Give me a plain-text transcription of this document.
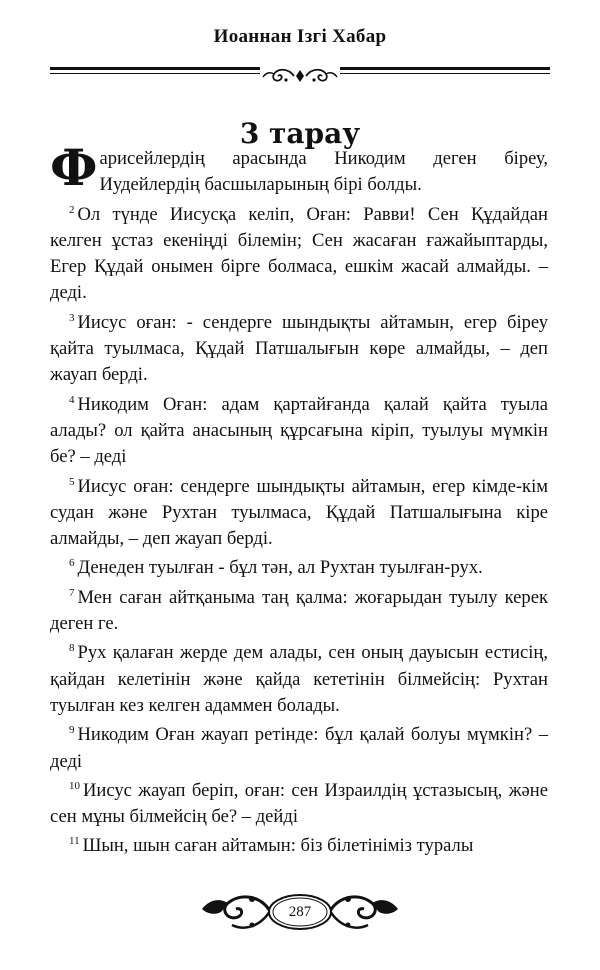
Иоаннан Ізгі Хабар
3 тарау

Фарисейлердің арасында Никодим деген біреу, Иудейлердің басшыларының бірі болды.

$^2$ Ол түнде Иисусқа келіп, Оған: Равви! Сен Құдайдан келген ұстаз екеніңді білемін; Сен жасаған ғажайыптарды, Егер Құдай онымен бірге болмаса, ешкім жасай алмайды. – деді.

$^3$ Иисус оған: - сендерге шындықты айтамын, егер біреу қайта туылмаса, Құдай Патшалығын көре алмайды, – деп жауап берді.

$^4$ Никодим Оған: адам қартайғанда қалай қайта туыла алады? ол қайта анасының құрсағына кіріп, туылуы мүмкін бе? – деді

$^5$ Иисус оған: сендерге шындықты айтамын, егер кімде-кім судан және Рухтан туылмаса, Құдай Патшалығына кіре алмайды, – деп жауап берді.

$^6$ Денеден туылған - бұл тән, ал Рухтан туылған-рух.

$^7$ Мен саған айтқаныма таң қалма: жоғарыдан туылу керек деген ге.

$^8$ Рух қалаған жерде дем алады, сен оның дауысын естисің, қайдан келетінін және қайда кететінін білмейсің: Рухтан туылған кез келген адаммен болады.

$^9$ Никодим Оған жауап ретінде: бұл қалай болуы мүмкін? – деді

$^{10}$ Иисус жауап беріп, оған: сен Израилдің ұстазысың, және сен мұны білмейсің бе? – дейді

$^{11}$ Шын, шын саған айтамын: біз білетініміз туралы

287
